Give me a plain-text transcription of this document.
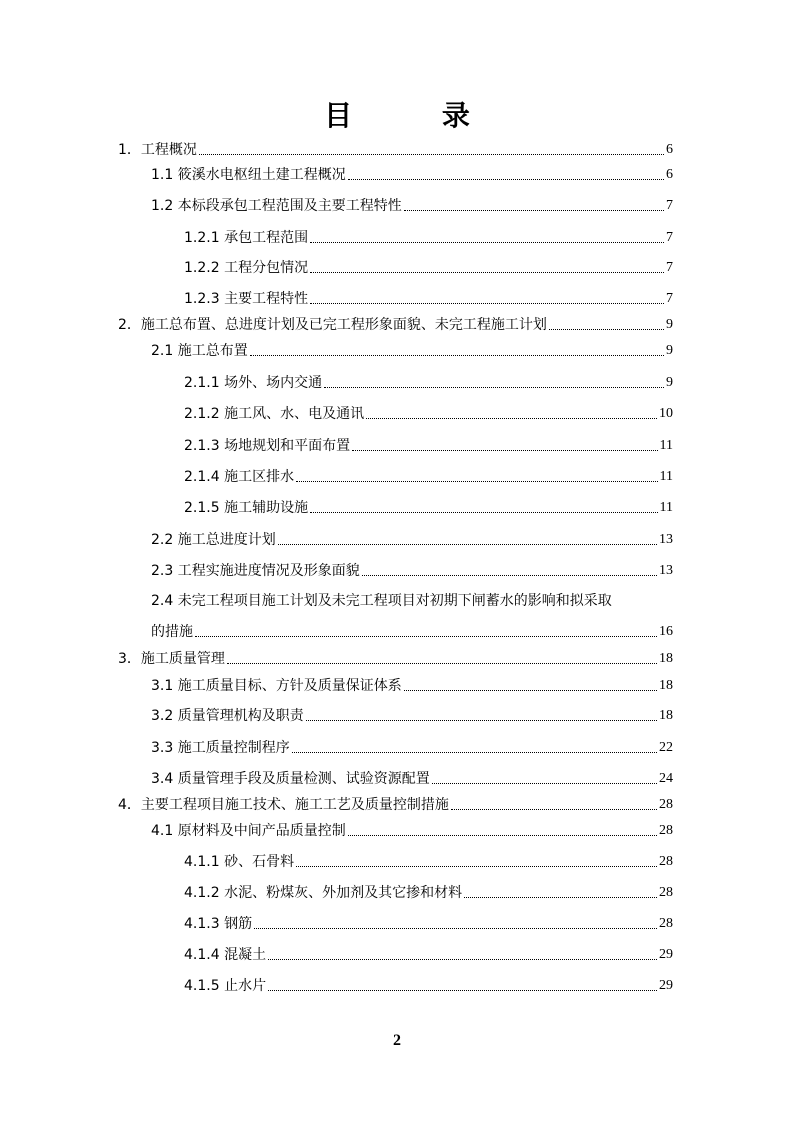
目 录
1．工程概况	6
1.1 筱溪水电枢纽土建工程概况	6
1.2 本标段承包工程范围及主要工程特性	7
1.2.1 承包工程范围	7
1.2.2 工程分包情况	7
1.2.3 主要工程特性	7
2．施工总布置、总进度计划及已完工程形象面貌、未完工程施工计划	9
2.1 施工总布置	9
2.1.1 场外、场内交通	9
2.1.2 施工风、水、电及通讯	10
2.1.3 场地规划和平面布置	11
2.1.4 施工区排水	11
2.1.5 施工辅助设施	11
2.2 施工总进度计划	13
2.3 工程实施进度情况及形象面貌	13
2.4 未完工程项目施工计划及未完工程项目对初期下闸蓄水的影响和拟采取
的措施	16
3．施工质量管理	18
3.1 施工质量目标、方针及质量保证体系	18
3.2 质量管理机构及职责	18
3.3 施工质量控制程序	22
3.4 质量管理手段及质量检测、试验资源配置	24
4．主要工程项目施工技术、施工工艺及质量控制措施	28
4.1 原材料及中间产品质量控制	28
4.1.1 砂、石骨料	28
4.1.2 水泥、粉煤灰、外加剂及其它掺和材料	28
4.1.3 钢筋	28
4.1.4 混凝土	29
4.1.5 止水片	29
2
